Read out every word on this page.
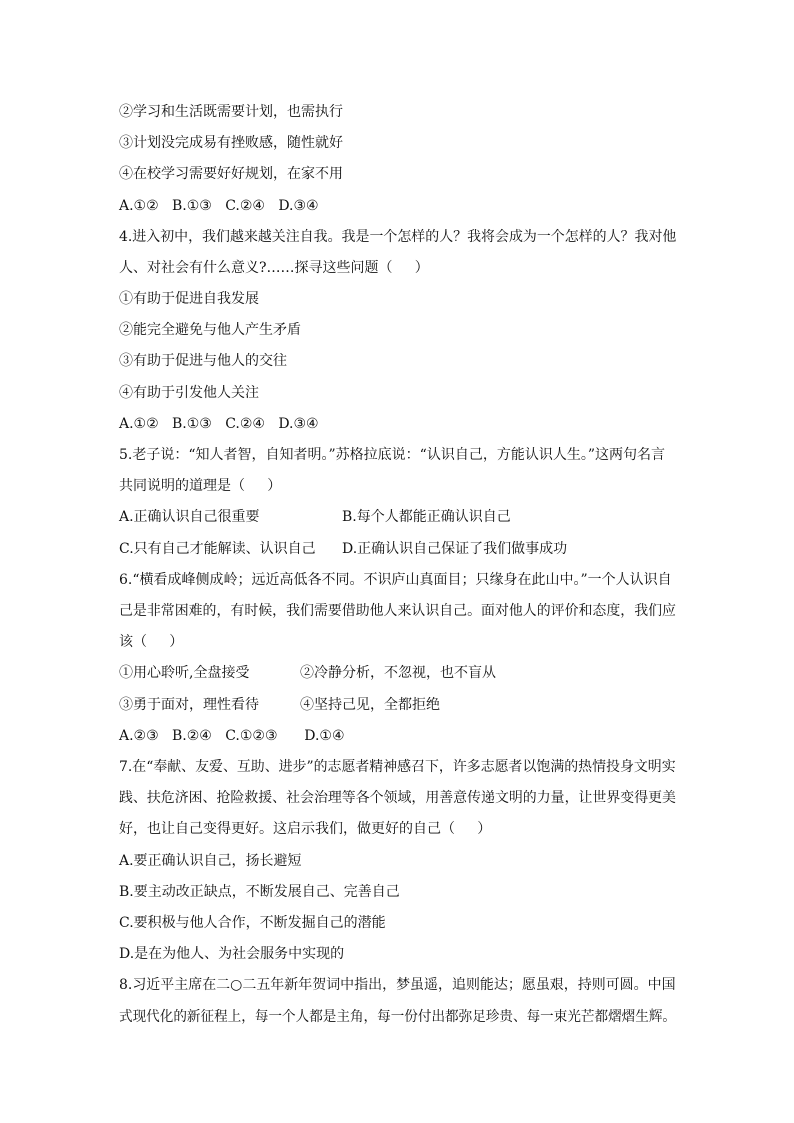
②学习和生活既需要计划，也需执行
③计划没完成易有挫败感，随性就好
④在校学习需要好好规划，在家不用
A.①②   B.①③   C.②④   D.③④
4.进入初中，我们越来越关注自我。我是一个怎样的人？我将会成为一个怎样的人？我对他
人、对社会有什么意义?……探寻这些问题（     ）
①有助于促进自我发展
②能完全避免与他人产生矛盾
③有助于促进与他人的交往
④有助于引发他人关注
A.①②   B.①③   C.②④   D.③④
5.老子说：“知人者智，自知者明。”苏格拉底说：“认识自己，方能认识人生。”这两句名言
共同说明的道理是（     ）
A.正确认识自己很重要	B.每个人都能正确认识自己
C.只有自己才能解读、认识自己 D.正确认识自己保证了我们做事成功
6.“横看成峰侧成岭；远近高低各不同。不识庐山真面目；只缘身在此山中。”一个人认识自
己是非常困难的，有时候，我们需要借助他人来认识自己。面对他人的评价和态度，我们应
该（     ）
①用心聆听,全盘接受	②冷静分析，不忽视，也不盲从
③勇于面对，理性看待	④坚持己见，全都拒绝
A.②③   B.②④   C.①②③      D.①④
7.在“奉献、友爱、互助、进步”的志愿者精神感召下，许多志愿者以饱满的热情投身文明实
践、扶危济困、抢险救援、社会治理等各个领域，用善意传递文明的力量，让世界变得更美
好，也让自己变得更好。这启示我们，做更好的自己（     ）
A.要正确认识自己，扬长避短
B.要主动改正缺点，不断发展自己、完善自己
C.要积极与他人合作，不断发掘自己的潜能
D.是在为他人、为社会服务中实现的
8.习近平主席在二○二五年新年贺词中指出，梦虽遥，追则能达；愿虽艰，持则可圆。中国
式现代化的新征程上，每一个人都是主角，每一份付出都弥足珍贵、每一束光芒都熠熠生辉。
